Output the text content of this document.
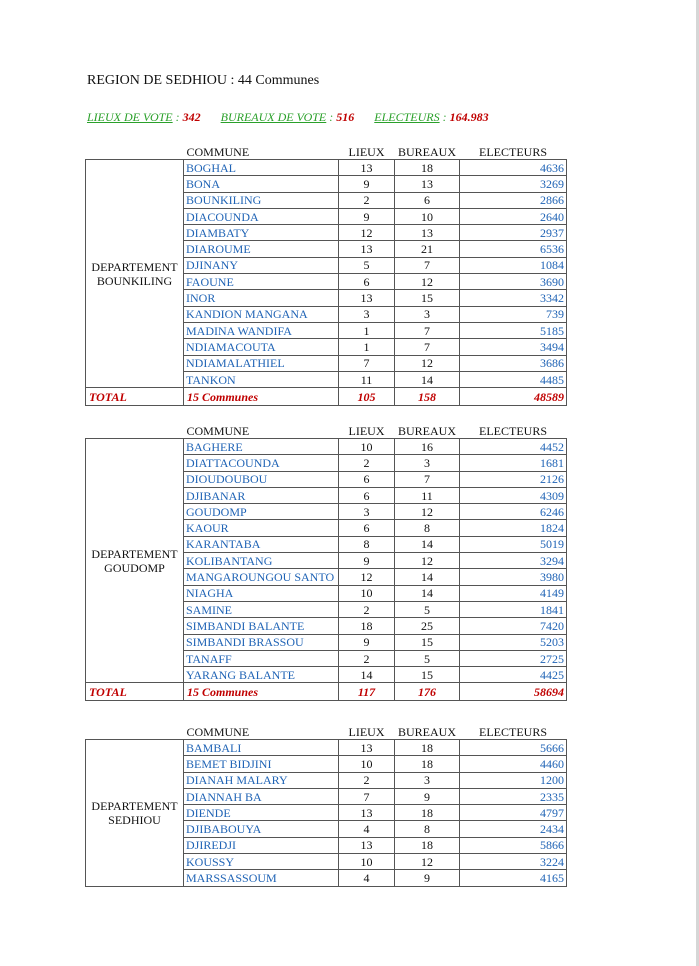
REGION DE SEDHIOU : 44 Communes
LIEUX DE VOTE : 342 BUREAUX DE VOTE : 516 ELECTEURS : 164.983
	COMMUNE	LIEUX	BUREAUX	ELECTEURS

DEPARTEMENT
BOUNKILING	BOGHAL	13	18	4636
	BONA	9	13	3269
	BOUNKILING	2	6	2866
	DIACOUNDA	9	10	2640
	DIAMBATY	12	13	2937
	DIAROUME	13	21	6536
	DJINANY	5	7	1084
	FAOUNE	6	12	3690
	INOR	13	15	3342
	KANDION MANGANA	3	3	739
	MADINA WANDIFA	1	7	5185
	NDIAMACOUTA	1	7	3494
	NDIAMALATHIEL	7	12	3686
	TANKON	11	14	4485
TOTAL	15 Communes	105	158	48589
	COMMUNE	LIEUX	BUREAUX	ELECTEURS

DEPARTEMENT
GOUDOMP	BAGHERE	10	16	4452
	DIATTACOUNDA	2	3	1681
	DIOUDOUBOU	6	7	2126
	DJIBANAR	6	11	4309
	GOUDOMP	3	12	6246
	KAOUR	6	8	1824
	KARANTABA	8	14	5019
	KOLIBANTANG	9	12	3294
	MANGAROUNGOU SANTO	12	14	3980
	NIAGHA	10	14	4149
	SAMINE	2	5	1841
	SIMBANDI BALANTE	18	25	7420
	SIMBANDI BRASSOU	9	15	5203
	TANAFF	2	5	2725
	YARANG BALANTE	14	15	4425
TOTAL	15 Communes	117	176	58694
	COMMUNE	LIEUX	BUREAUX	ELECTEURS

DEPARTEMENT
SEDHIOU	BAMBALI	13	18	5666
	BEMET BIDJINI	10	18	4460
	DIANAH MALARY	2	3	1200
	DIANNAH BA	7	9	2335
	DIENDE	13	18	4797
	DJIBABOUYA	4	8	2434
	DJIREDJI	13	18	5866
	KOUSSY	10	12	3224
	MARSSASSOUM	4	9	4165
